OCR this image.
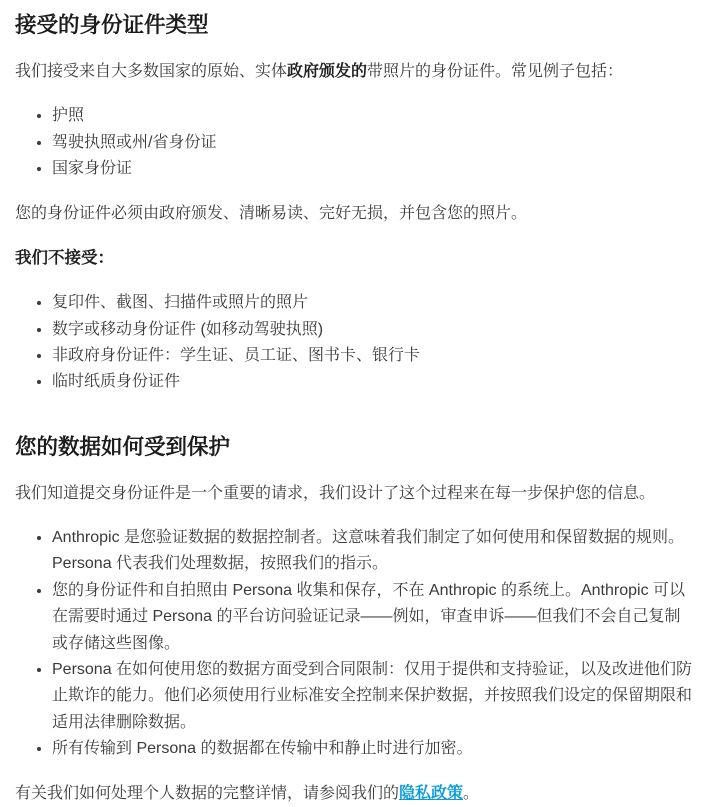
接受的身份证件类型

我们接受来自大多数国家的原始、实体政府颁发的带照片的身份证件。常见例子包括：

• 护照
• 驾驶执照或州/省身份证
• 国家身份证

您的身份证件必须由政府颁发、清晰易读、完好无损，并包含您的照片。

我们不接受：

• 复印件、截图、扫描件或照片的照片
• 数字或移动身份证件 (如移动驾驶执照)
• 非政府身份证件：学生证、员工证、图书卡、银行卡
• 临时纸质身份证件
您的数据如何受到保护

我们知道提交身份证件是一个重要的请求，我们设计了这个过程来在每一步保护您的信息。

• Anthropic 是您验证数据的数据控制者。这意味着我们制定了如何使用和保留数据的规则。Persona 代表我们处理数据，按照我们的指示。
• 您的身份证件和自拍照由 Persona 收集和保存，不在 Anthropic 的系统上。Anthropic 可以在需要时通过 Persona 的平台访问验证记录——例如，审查申诉——但我们不会自己复制或存储这些图像。
• Persona 在如何使用您的数据方面受到合同限制：仅用于提供和支持验证，以及改进他们防止欺诈的能力。他们必须使用行业标准安全控制来保护数据，并按照我们设定的保留期限和适用法律删除数据。
• 所有传输到 Persona 的数据都在传输中和静止时进行加密。

有关我们如何处理个人数据的完整详情，请参阅我们的隐私政策。
